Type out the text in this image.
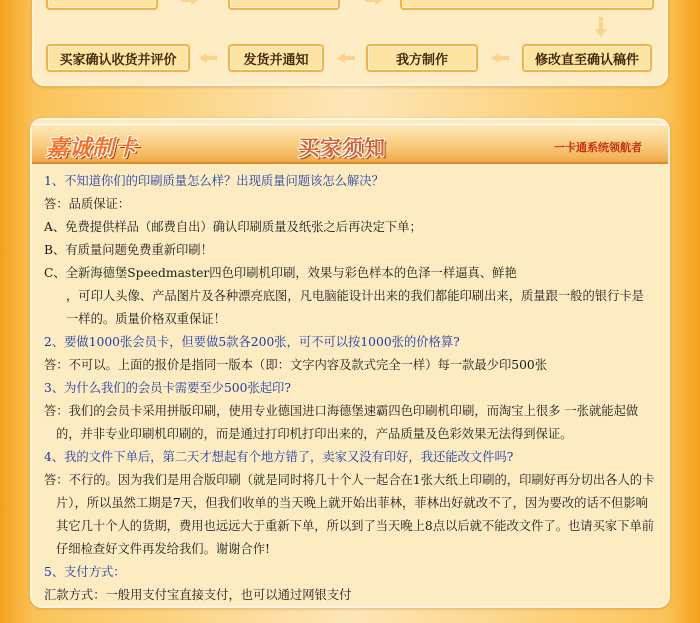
买家确认收货并评价	发货并通知	我方制作	修改直至确认稿件
嘉诚制卡	买家须知	一卡通系统领航者
1、不知道你们的印刷质量怎么样？出现质量问题该怎么解决？
答：品质保证：
A、免费提供样品（邮费自出）确认印刷质量及纸张之后再决定下单；
B、有质量问题免费重新印刷！
C、全新海德堡Speedmaster四色印刷机印刷，效果与彩色样本的色泽一样逼真、鲜艳
，可印人头像、产品图片及各种漂亮底图，凡电脑能设计出来的我们都能印刷出来，质量跟一般的银行卡是一样的。质量价格双重保证！
2、要做1000张会员卡，但要做5款各200张，可不可以按1000张的价格算?
答：不可以。上面的报价是指同一版本（即：文字内容及款式完全一样）每一款最少印500张
3、为什么我们的会员卡需要至少500张起印?
答：我们的会员卡采用拼版印刷，使用专业德国进口海德堡速霸四色印刷机印刷，而淘宝上很多 一张就能起做的，并非专业印刷机印刷的，而是通过打印机打印出来的，产品质量及色彩效果无法得到保证。
4、我的文件下单后，第二天才想起有个地方错了，卖家又没有印好，我还能改文件吗?
答：不行的。因为我们是用合版印刷（就是同时将几十个人一起合在1张大纸上印刷的，印刷好再分切出各人的卡片），所以虽然工期是7天，但我们收单的当天晚上就开始出菲林，菲林出好就改不了，因为要改的话不但影响其它几十个人的货期，费用也远远大于重新下单，所以到了当天晚上8点以后就不能改文件了。也请买家下单前仔细检查好文件再发给我们。谢谢合作!
5、支付方式：
汇款方式：一般用支付宝直接支付，也可以通过网银支付
